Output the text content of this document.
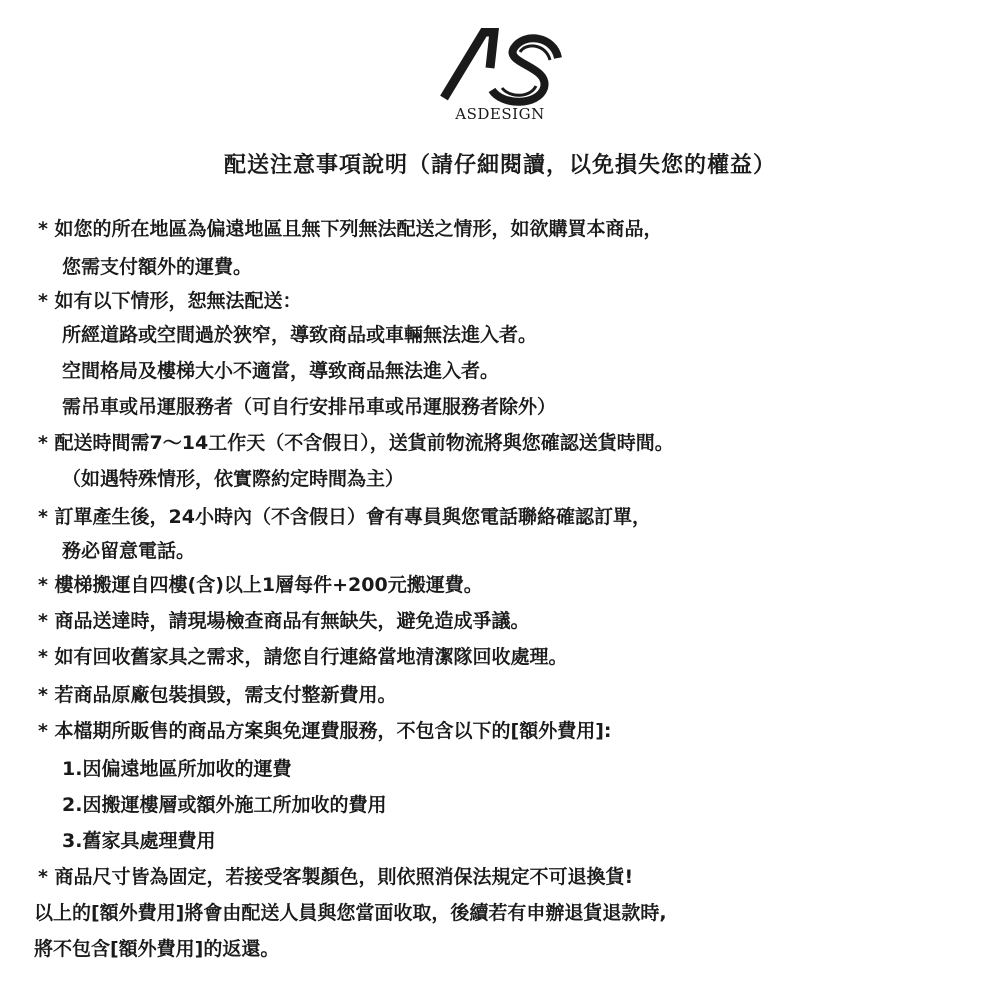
ASDESIGN
配送注意事項說明（請仔細閱讀，以免損失您的權益）
* 如您的所在地區為偏遠地區且無下列無法配送之情形，如欲購買本商品，
您需支付額外的運費。
* 如有以下情形，恕無法配送：
所經道路或空間過於狹窄，導致商品或車輛無法進入者。
空間格局及樓梯大小不適當，導致商品無法進入者。
需吊車或吊運服務者（可自行安排吊車或吊運服務者除外）
* 配送時間需7～14工作天（不含假日），送貨前物流將與您確認送貨時間。
（如遇特殊情形，依實際約定時間為主）
* 訂單產生後，24小時內（不含假日）會有專員與您電話聯絡確認訂單，
務必留意電話。
* 樓梯搬運自四樓(含)以上1層每件+200元搬運費。
* 商品送達時，請現場檢查商品有無缺失，避免造成爭議。
* 如有回收舊家具之需求，請您自行連絡當地清潔隊回收處理。
* 若商品原廠包裝損毀，需支付整新費用。
* 本檔期所販售的商品方案與免運費服務，不包含以下的[額外費用]:
1.因偏遠地區所加收的運費
2.因搬運樓層或額外施工所加收的費用
3.舊家具處理費用
* 商品尺寸皆為固定，若接受客製顏色，則依照消保法規定不可退換貨!
以上的[額外費用]將會由配送人員與您當面收取，後續若有申辦退貨退款時,
將不包含[額外費用]的返還。
